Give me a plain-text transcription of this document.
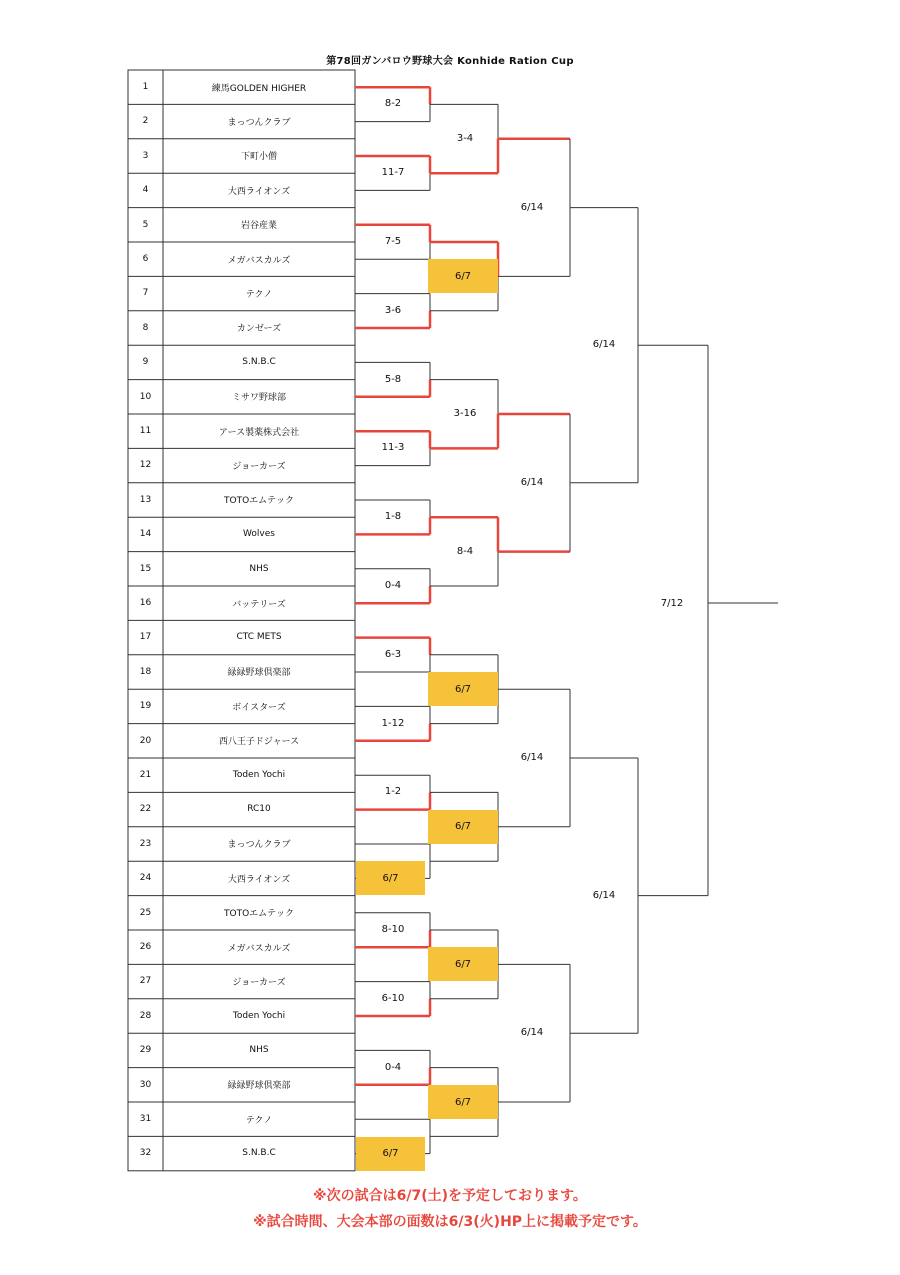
第78回ガンバロウ野球大会 Konhide Ration Cup
1	練馬GOLDEN HIGHER
2	まっつんクラブ
3	下町小僧
4	大西ライオンズ
5	岩谷産業
6	メガバスカルズ
7	テクノ
8	カンゼーズ
9	S.N.B.C
10	ミサワ野球部
11	アース製薬株式会社
12	ジョーカーズ
13	TOTOエムテック
14	Wolves
15	NHS
16	バッテリーズ
17	CTC METS
18	緑緑野球倶楽部
19	ボイスターズ
20	西八王子ドジャース
21	Toden Yochi
22	RC10
23	まっつんクラブ
24	大西ライオンズ
25	TOTOエムテック
26	メガバスカルズ
27	ジョーカーズ
28	Toden Yochi
29	NHS
30	緑緑野球倶楽部
31	テクノ
32	S.N.B.C
8-2
11-7
7-5
3-6
5-8
11-3
1-8
0-4
6-3
1-12
1-2
6/7
8-10
6-10
0-4
6/7
3-4
6/7
3-16
8-4
6/7
6/7
6/7
6/7
6/14
6/14
6/14
6/14
6/14
6/14
7/12
※次の試合は6/7(土)を予定しております。
※試合時間、大会本部の面数は6/3(火)HP上に掲載予定です。
